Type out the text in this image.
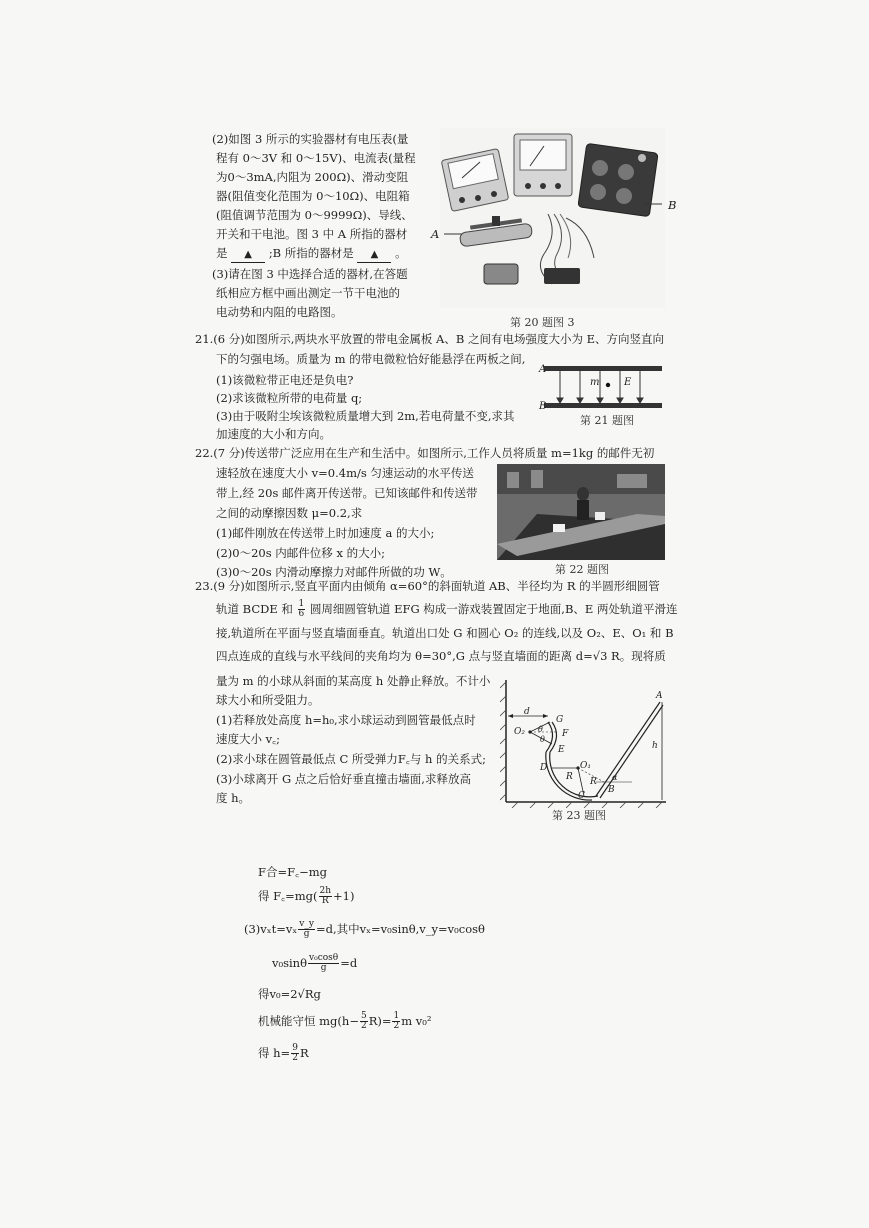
(2)如图 3 所示的实验器材有电压表(量
程有 0～3V 和 0～15V)、电流表(量程
为0～3mA,内阻为 200Ω)、滑动变阻
器(阻值变化范围为 0～10Ω)、电阻箱
(阻值调节范围为 0～9999Ω)、导线、
开关和干电池。图 3 中 A 所指的器材
是 ▲ ;B 所指的器材是 ▲ 。
(3)请在图 3 中选择合适的器材,在答题
纸相应方框中画出测定一节干电池的
电动势和内阻的电路图。
A
B
第 20 题图 3
21.(6 分)如图所示,两块水平放置的带电金属板 A、B 之间有电场强度大小为 E、方向竖直向
下的匀强电场。质量为 m 的带电微粒恰好能悬浮在两板之间,
(1)该微粒带正电还是负电?
(2)求该微粒所带的电荷量 q;
(3)由于吸附尘埃该微粒质量增大到 2m,若电荷量不变,求其
加速度的大小和方向。
A
B
m E
第 21 题图
22.(7 分)传送带广泛应用在生产和生活中。如图所示,工作人员将质量 m=1kg 的邮件无初
速轻放在速度大小 v=0.4m/s 匀速运动的水平传送
带上,经 20s 邮件离开传送带。已知该邮件和传送带
之间的动摩擦因数 μ=0.2,求
(1)邮件刚放在传送带上时加速度 a 的大小;
(2)0～20s 内邮件位移 x 的大小;
(3)0～20s 内滑动摩擦力对邮件所做的功 W。	第 22 题图
23.(9 分)如图所示,竖直平面内由倾角 α=60°的斜面轨道 AB、半径均为 R 的半圆形细圆管
轨道 BCDE 和 $\frac{1}{6}$ 圆周细圆管轨道 EFG 构成一游戏装置固定于地面,B、E 两处轨道平滑连
接,轨道所在平面与竖直墙面垂直。轨道出口处 G 和圆心 O₂ 的连线,以及 O₂、E、O₁ 和 B
四点连成的直线与水平线间的夹角均为 θ=30°,G 点与竖直墙面的距离 d=√3 R。现将质
量为 m 的小球从斜面的某高度 h 处静止释放。不计小
球大小和所受阻力。
(1)若释放处高度 h=h₀,求小球运动到圆管最低点时
速度大小 v꜀;
(2)求小球在圆管最低点 C 所受弹力F꜀与 h 的关系式;
(3)小球离开 G 点之后恰好垂直撞击墙面,求释放高
度 h。
d
G
F
O₂ θ
θ
E
D	O₁
R R
C
B
α
A
h
第 23 题图
F合=F꜀−mg
得 F꜀=mg( $\frac{2h}{R} +1$)
$(3)v_xt=v_x \frac{v\_y}{g} =d$,其中vₓ=v₀sinθ,v_y=v₀cosθ
$v_0\sin\theta \frac{\text{v₀cosθ}}{g} =d$
得v₀=2√Rg
机械能守恒 $mg(h- \frac{5}{2} R)= \frac{1}{2}$ m v₀²
得 $h= \frac{9}{2}$ R
